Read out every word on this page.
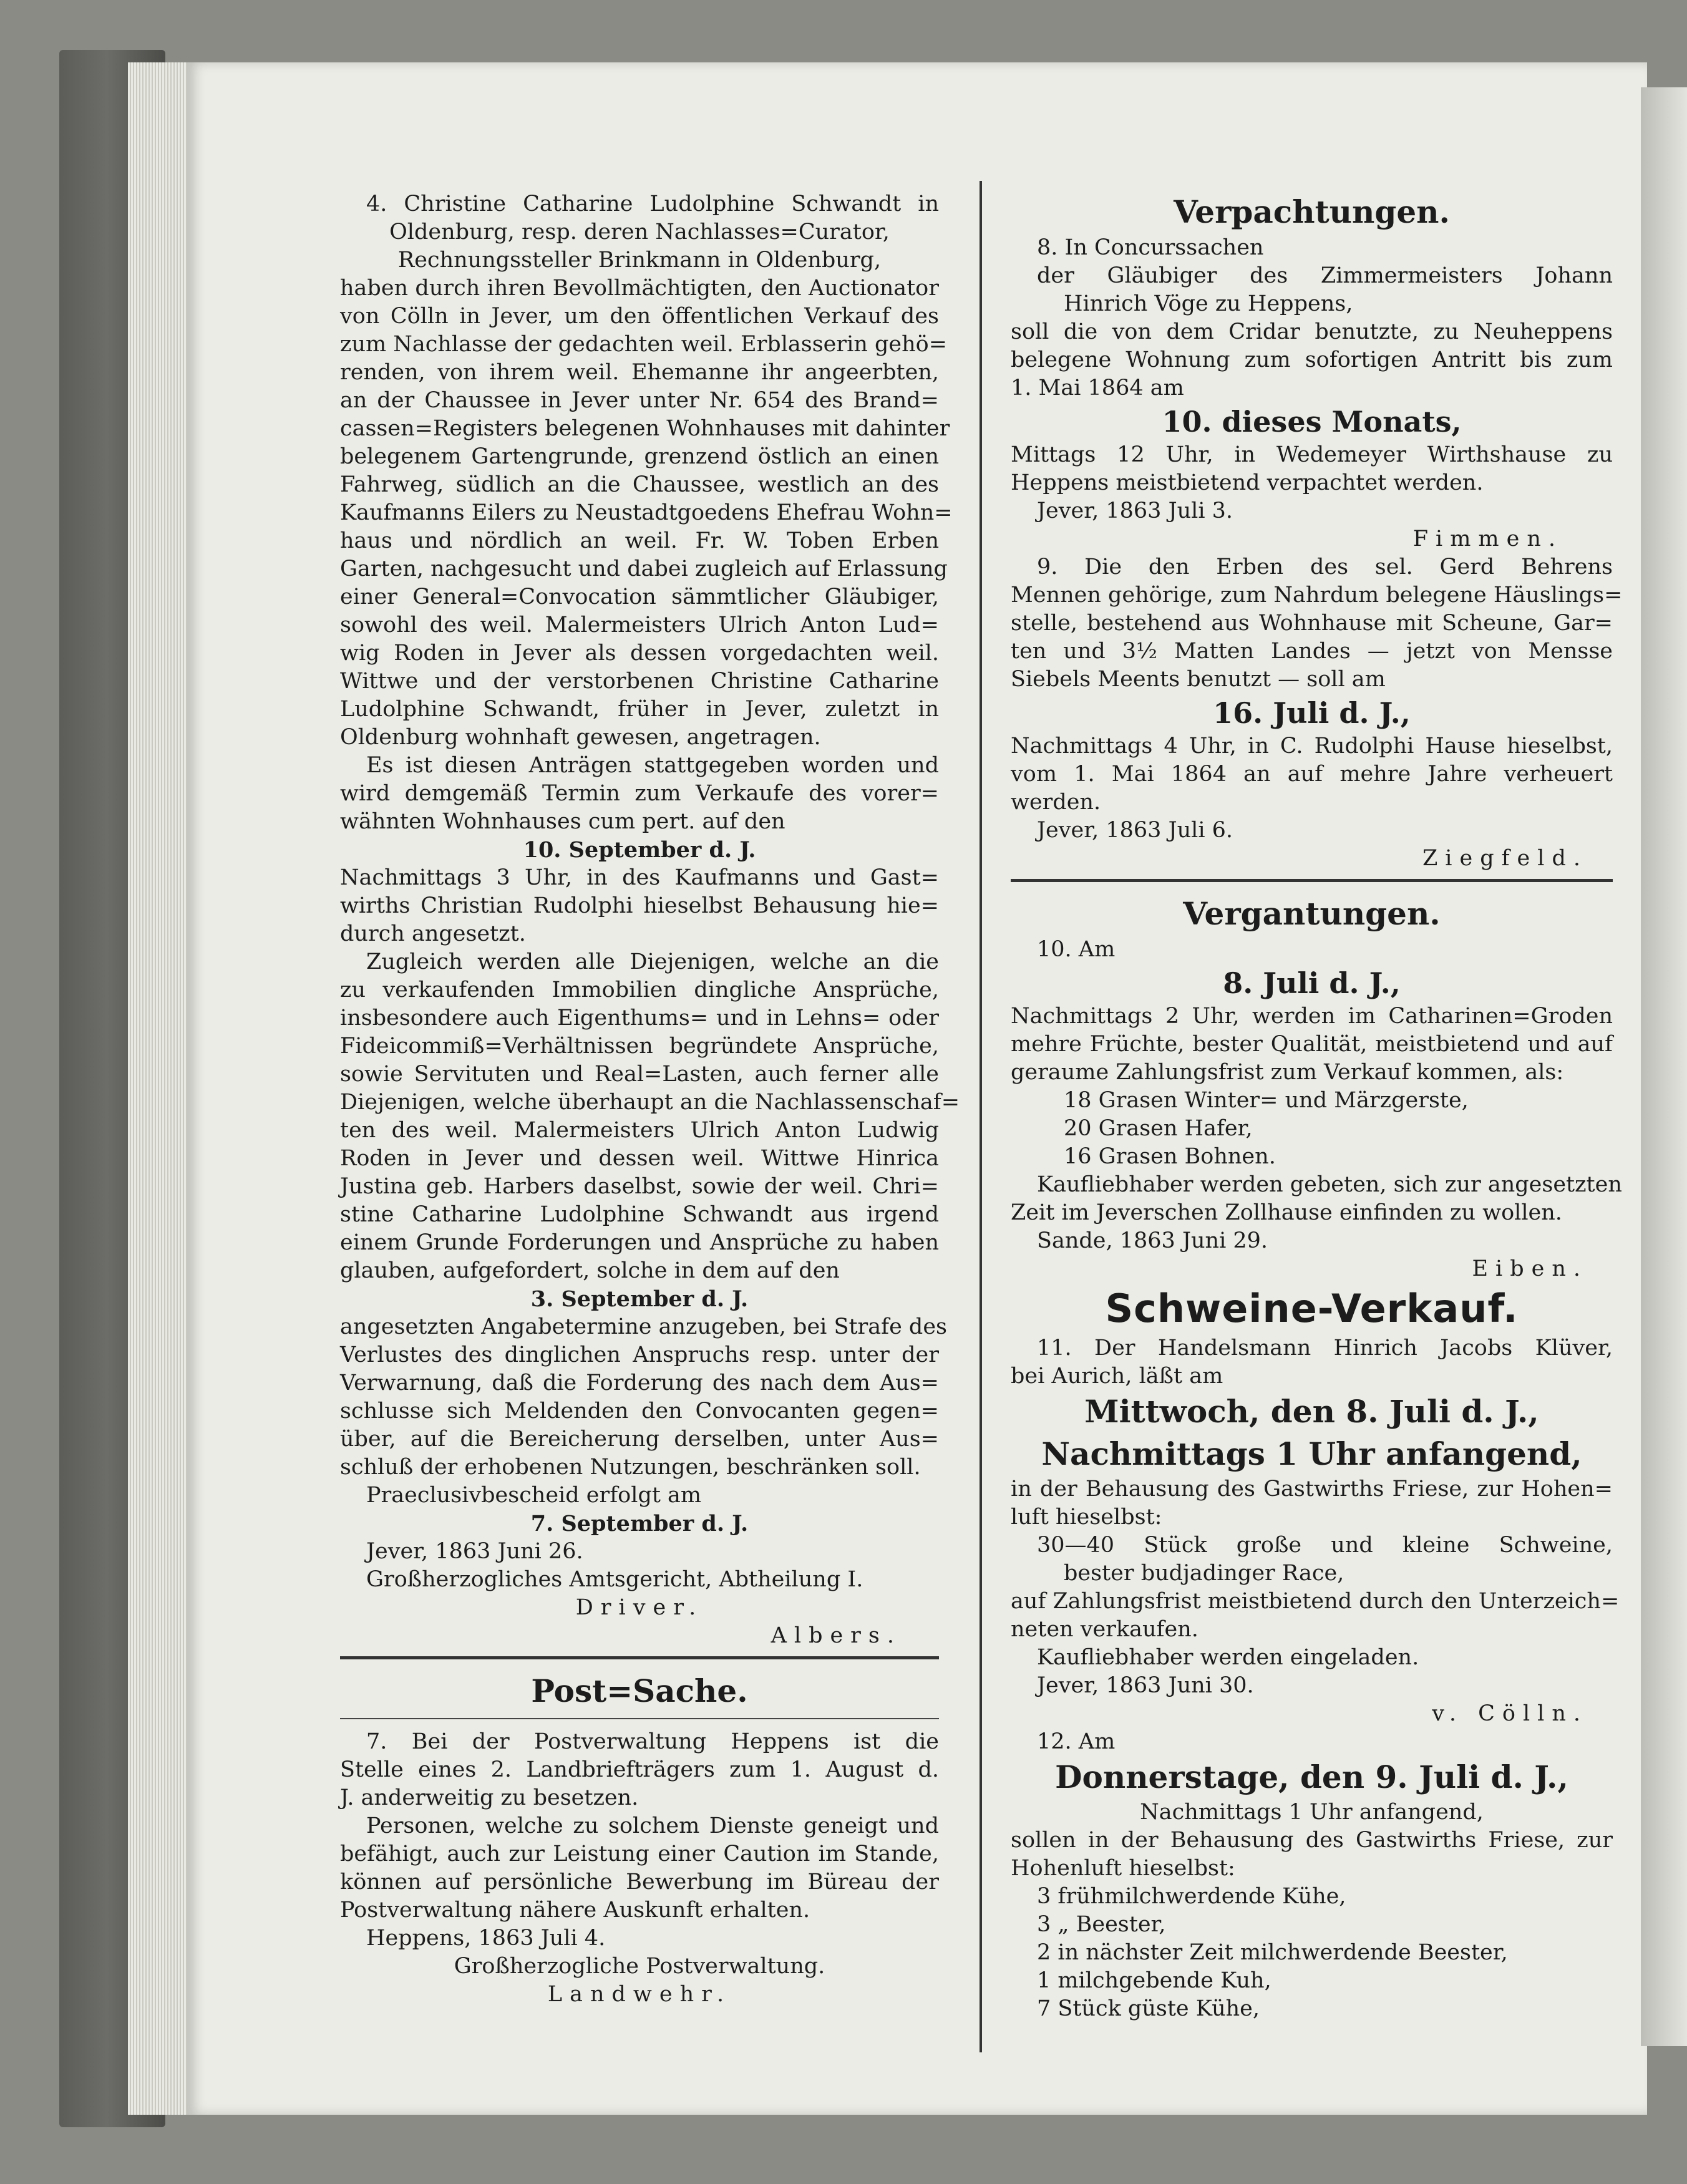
4. Christine Catharine Ludolphine Schwandt in
Oldenburg, resp. deren Nachlasses=Curator,
Rechnungssteller Brinkmann in Oldenburg,
haben durch ihren Bevollmächtigten, den Auctionator
von Cölln in Jever, um den öffentlichen Verkauf des
zum Nachlasse der gedachten weil. Erblasserin gehö=
renden, von ihrem weil. Ehemanne ihr angeerbten,
an der Chaussee in Jever unter Nr. 654 des Brand=
cassen=Registers belegenen Wohnhauses mit dahinter
belegenem Gartengrunde, grenzend östlich an einen
Fahrweg, südlich an die Chaussee, westlich an des
Kaufmanns Eilers zu Neustadtgoedens Ehefrau Wohn=
haus und nördlich an weil. Fr. W. Toben Erben
Garten, nachgesucht und dabei zugleich auf Erlassung
einer General=Convocation sämmtlicher Gläubiger,
sowohl des weil. Malermeisters Ulrich Anton Lud=
wig Roden in Jever als dessen vorgedachten weil.
Wittwe und der verstorbenen Christine Catharine
Ludolphine Schwandt, früher in Jever, zuletzt in
Oldenburg wohnhaft gewesen, angetragen.
Es ist diesen Anträgen stattgegeben worden und
wird demgemäß Termin zum Verkaufe des vorer=
wähnten Wohnhauses cum pert. auf den
10. September d. J.
Nachmittags 3 Uhr, in des Kaufmanns und Gast=
wirths Christian Rudolphi hieselbst Behausung hie=
durch angesetzt.
Zugleich werden alle Diejenigen, welche an die
zu verkaufenden Immobilien dingliche Ansprüche,
insbesondere auch Eigenthums= und in Lehns= oder
Fideicommiß=Verhältnissen begründete Ansprüche,
sowie Servituten und Real=Lasten, auch ferner alle
Diejenigen, welche überhaupt an die Nachlassenschaf=
ten des weil. Malermeisters Ulrich Anton Ludwig
Roden in Jever und dessen weil. Wittwe Hinrica
Justina geb. Harbers daselbst, sowie der weil. Chri=
stine Catharine Ludolphine Schwandt aus irgend
einem Grunde Forderungen und Ansprüche zu haben
glauben, aufgefordert, solche in dem auf den
3. September d. J.
angesetzten Angabetermine anzugeben, bei Strafe des
Verlustes des dinglichen Anspruchs resp. unter der
Verwarnung, daß die Forderung des nach dem Aus=
schlusse sich Meldenden den Convocanten gegen=
über, auf die Bereicherung derselben, unter Aus=
schluß der erhobenen Nutzungen, beschränken soll.
Praeclusivbescheid erfolgt am
7. September d. J.
Jever, 1863 Juni 26.
Großherzogliches Amtsgericht, Abtheilung I.
Driver.
Albers.
Post=Sache.
7. Bei der Postverwaltung Heppens ist die
Stelle eines 2. Landbriefträgers zum 1. August d.
J. anderweitig zu besetzen.
Personen, welche zu solchem Dienste geneigt und
befähigt, auch zur Leistung einer Caution im Stande,
können auf persönliche Bewerbung im Büreau der
Postverwaltung nähere Auskunft erhalten.
Heppens, 1863 Juli 4.
Großherzogliche Postverwaltung.
Landwehr.
Verpachtungen.
8. In Concurssachen
der Gläubiger des Zimmermeisters Johann
Hinrich Vöge zu Heppens,
soll die von dem Cridar benutzte, zu Neuheppens
belegene Wohnung zum sofortigen Antritt bis zum
1. Mai 1864 am
10. dieses Monats,
Mittags 12 Uhr, in Wedemeyer Wirthshause zu
Heppens meistbietend verpachtet werden.
Jever, 1863 Juli 3.
Fimmen.
9. Die den Erben des sel. Gerd Behrens
Mennen gehörige, zum Nahrdum belegene Häuslings=
stelle, bestehend aus Wohnhause mit Scheune, Gar=
ten und 3½ Matten Landes — jetzt von Mensse
Siebels Meents benutzt — soll am
16. Juli d. J.,
Nachmittags 4 Uhr, in C. Rudolphi Hause hieselbst,
vom 1. Mai 1864 an auf mehre Jahre verheuert
werden.
Jever, 1863 Juli 6.
Ziegfeld.
Vergantungen.
10. Am
8. Juli d. J.,
Nachmittags 2 Uhr, werden im Catharinen=Groden
mehre Früchte, bester Qualität, meistbietend und auf
geraume Zahlungsfrist zum Verkauf kommen, als:
18 Grasen Winter= und Märzgerste,
20 Grasen Hafer,
16 Grasen Bohnen.
Kaufliebhaber werden gebeten, sich zur angesetzten
Zeit im Jeverschen Zollhause einfinden zu wollen.
Sande, 1863 Juni 29.
Eiben.
Schweine-Verkauf.
11. Der Handelsmann Hinrich Jacobs Klüver,
bei Aurich, läßt am
Mittwoch, den 8. Juli d. J.,
Nachmittags 1 Uhr anfangend,
in der Behausung des Gastwirths Friese, zur Hohen=
luft hieselbst:
30—40 Stück große und kleine Schweine,
bester budjadinger Race,
auf Zahlungsfrist meistbietend durch den Unterzeich=
neten verkaufen.
Kaufliebhaber werden eingeladen.
Jever, 1863 Juni 30.
v. Cölln.
12. Am
Donnerstage, den 9. Juli d. J.,
Nachmittags 1 Uhr anfangend,
sollen in der Behausung des Gastwirths Friese, zur
Hohenluft hieselbst:
3 frühmilchwerdende Kühe,
3 „ Beester,
2 in nächster Zeit milchwerdende Beester,
1 milchgebende Kuh,
7 Stück güste Kühe,
